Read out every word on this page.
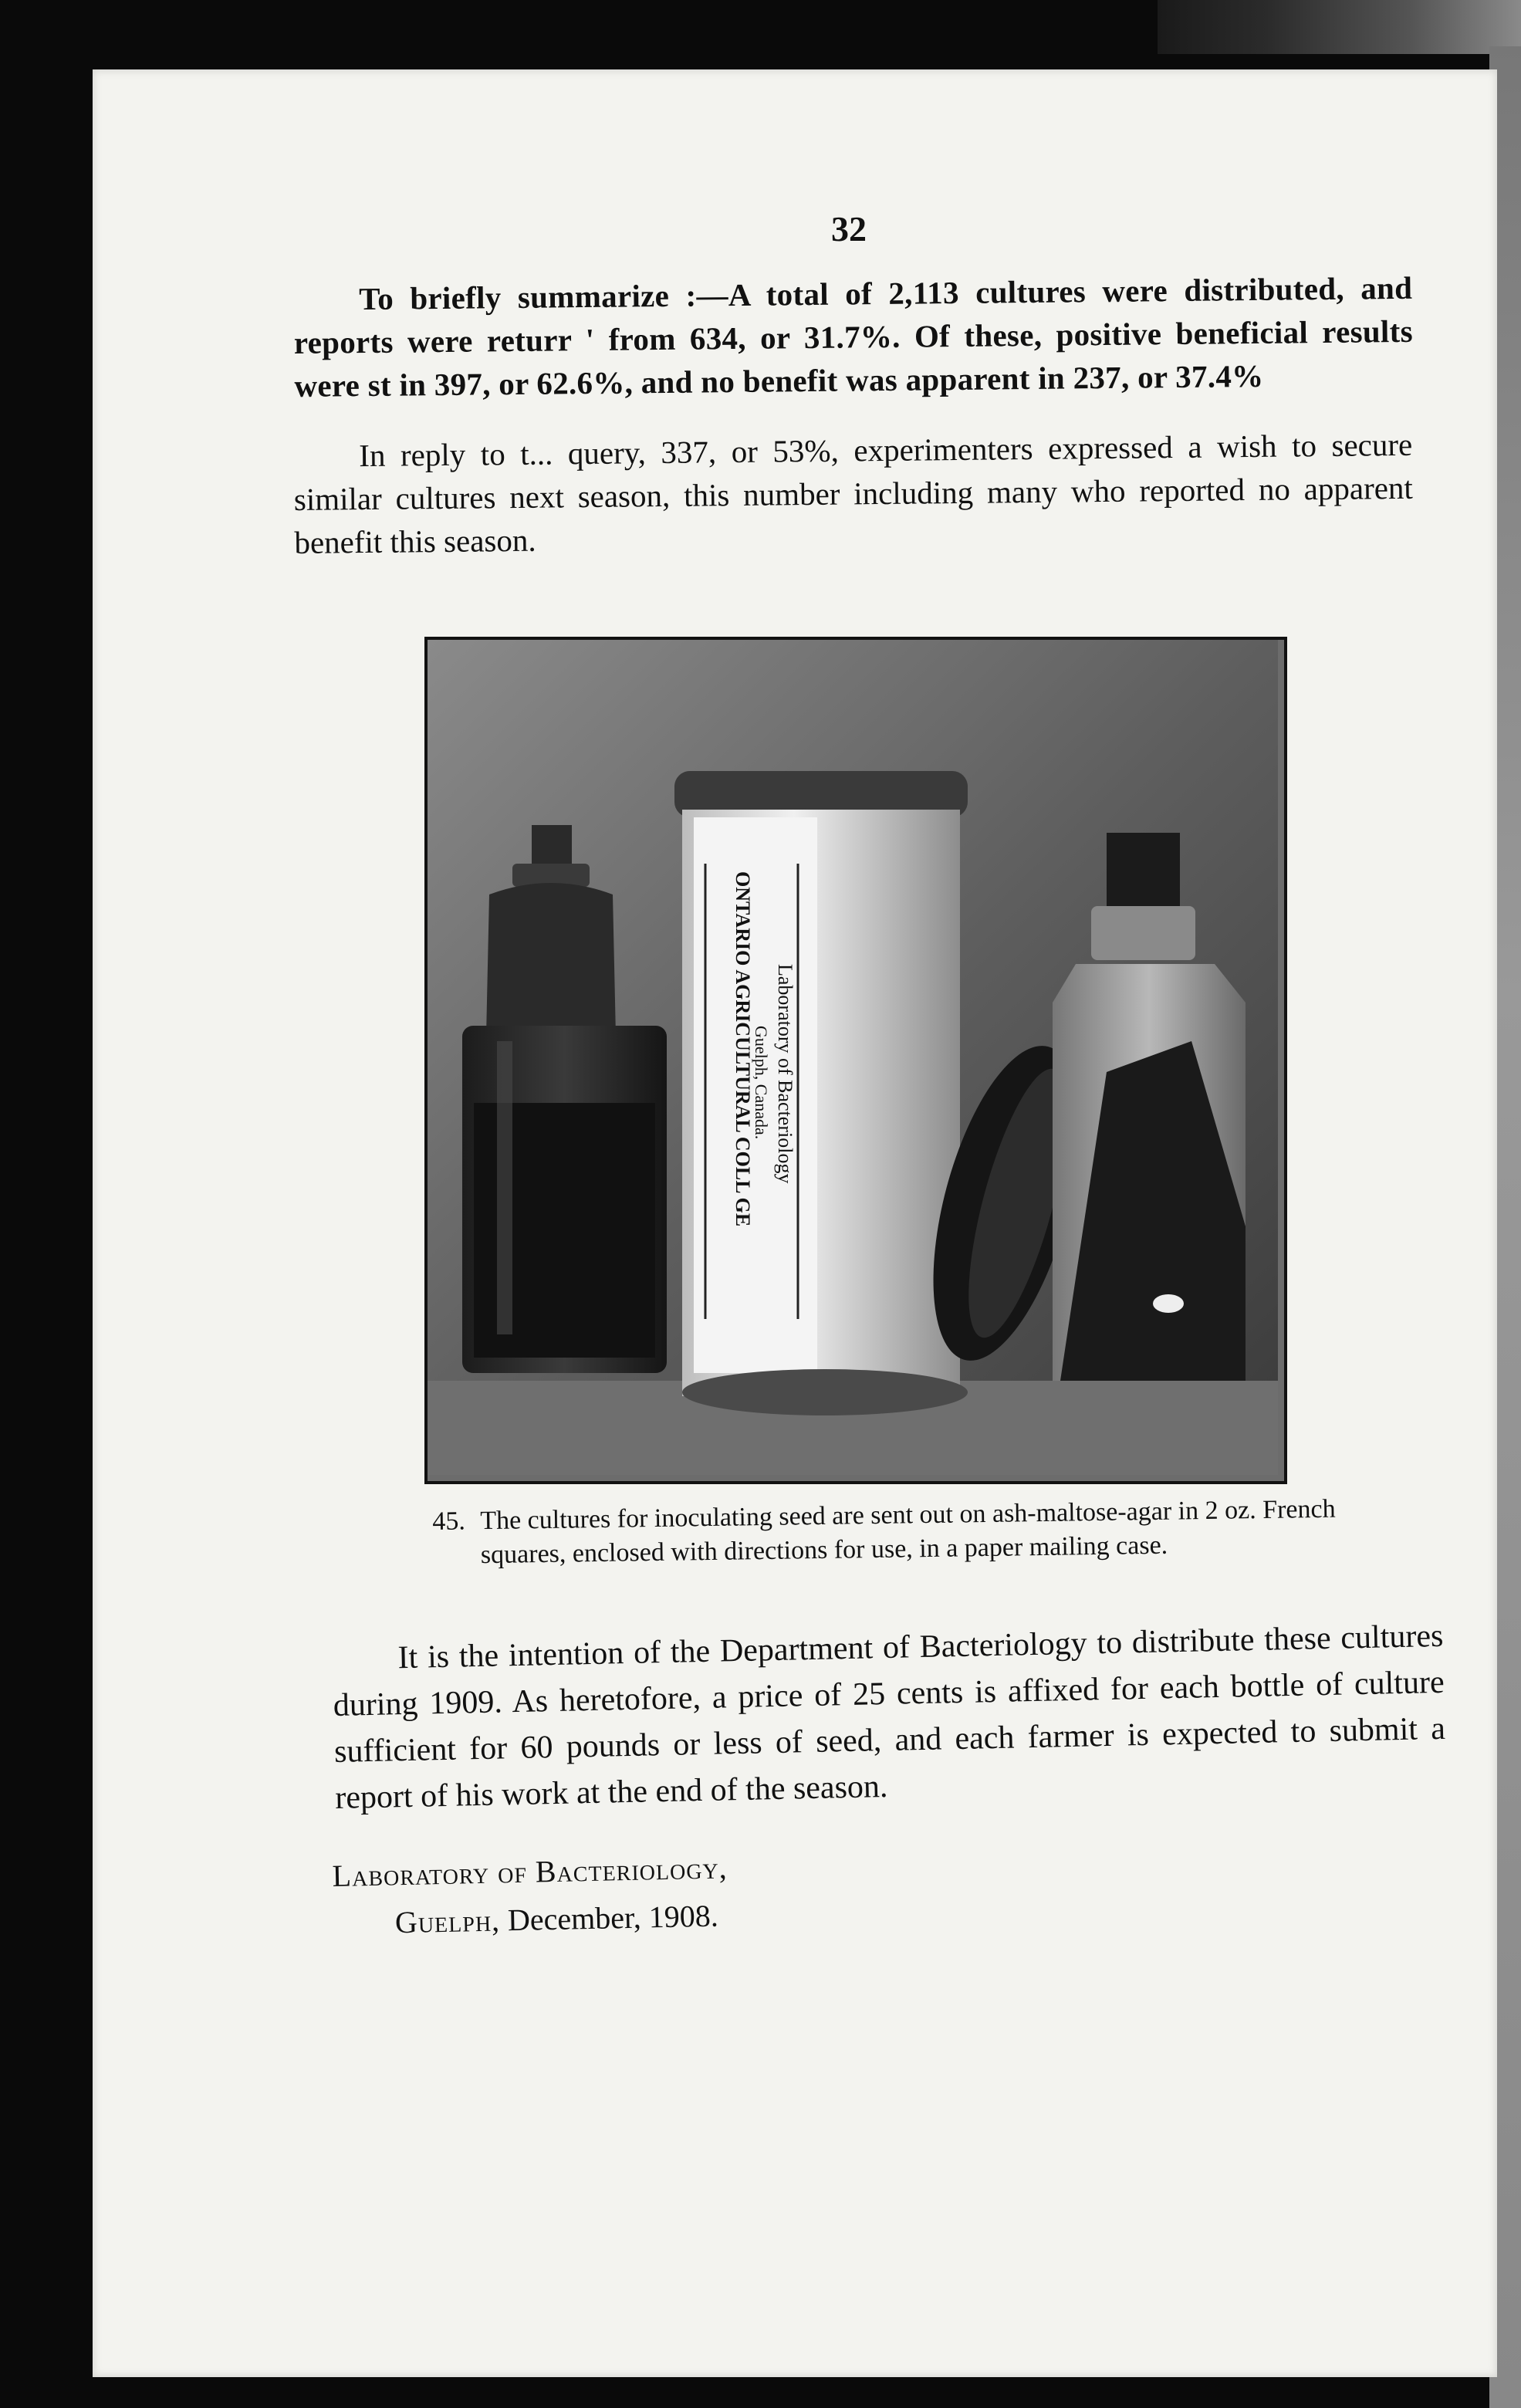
32

To briefly summarize :—A total of 2,113 cultures were distributed, and reports were returr ' from 634, or 31.7%. Of these, positive beneficial results were st in 397, or 62.6%, and no benefit was apparent in 237, or 37.4%

In reply to t... query, 337, or 53%, experimenters expressed a wish to secure similar cultures next season, this number including many who reported no apparent benefit this season.

Laboratory of Bacteriology
ONTARIO AGRICULTURAL COLL GE
Guelph, Canada.
45. The cultures for inoculating seed are sent out on ash-maltose-agar in 2 oz. French
squares, enclosed with directions for use, in a paper mailing case.

It is the intention of the Department of Bacteriology to distribute these cultures during 1909. As heretofore, a price of 25 cents is affixed for each bottle of culture sufficient for 60 pounds or less of seed, and each farmer is expected to submit a report of his work at the end of the season.

Laboratory of Bacteriology,
Guelph, December, 1908.
